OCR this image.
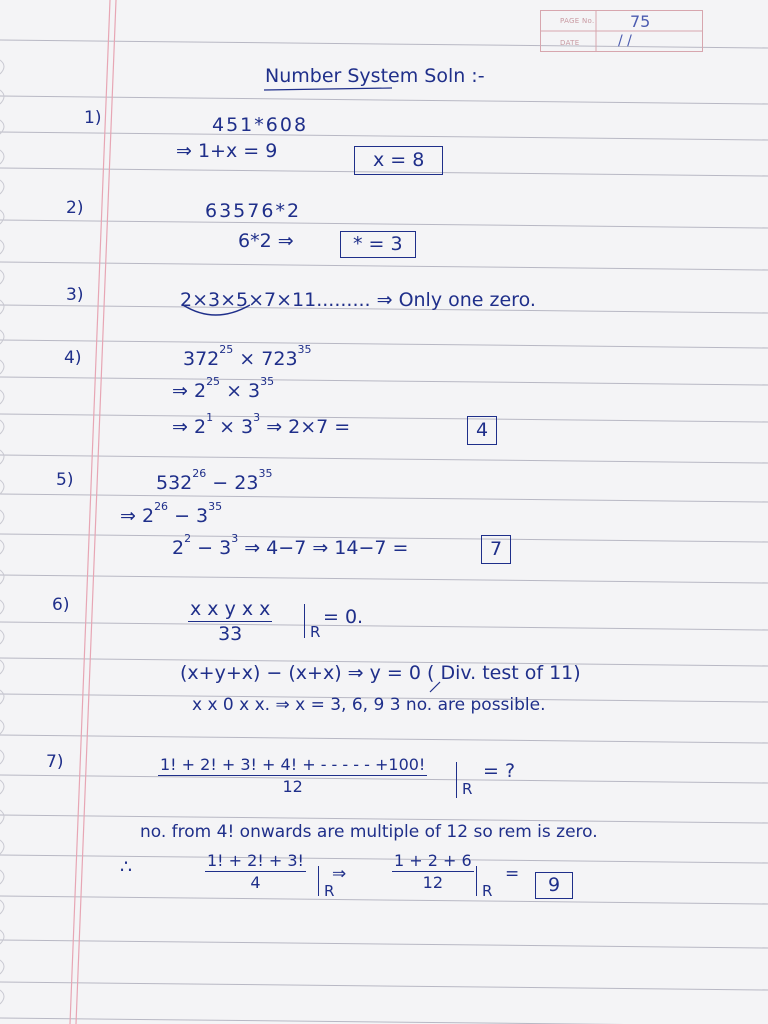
PAGE No.
DATE
75
/ /
Number System Soln :-
1)	451*608
⇒ 1+x = 9	x = 8
2)	63576*2
6*2 ⇒	* = 3
3)	2×3×5×7×11......... ⇒ Only one zero.
4)	$372^{25} \times 723^{35}$
⇒ $2^{25} \times 3^{35}$
⇒ $2^1 \times 3^3$ ⇒ 2×7 =	4
5)	$532^{26} - 23^{35}$
⇒ $2^{26} - 3^{35}$
$2^2 - 3^3$ ⇒ 4−7 ⇒ 14−7 =	7
6)	$\frac{\text{x x y x x}}{33}$	R
= 0.
(x+y+x) − (x+x) ⇒ y = 0 ( Div. test of 11)
x x 0 x x. ⇒ x = 3, 6, 9 3 no. are possible.
7)	$\frac{1! + 2! + 3! + 4! + - - - - - +100!}{12}$ R
= ?
no. from 4! onwards are multiple of 12 so rem is zero.
∴	$\frac{1! + 2! + 3!}{4}$ R
⇒	$\frac{1 + 2 + 6}{12}$ R
=	9
